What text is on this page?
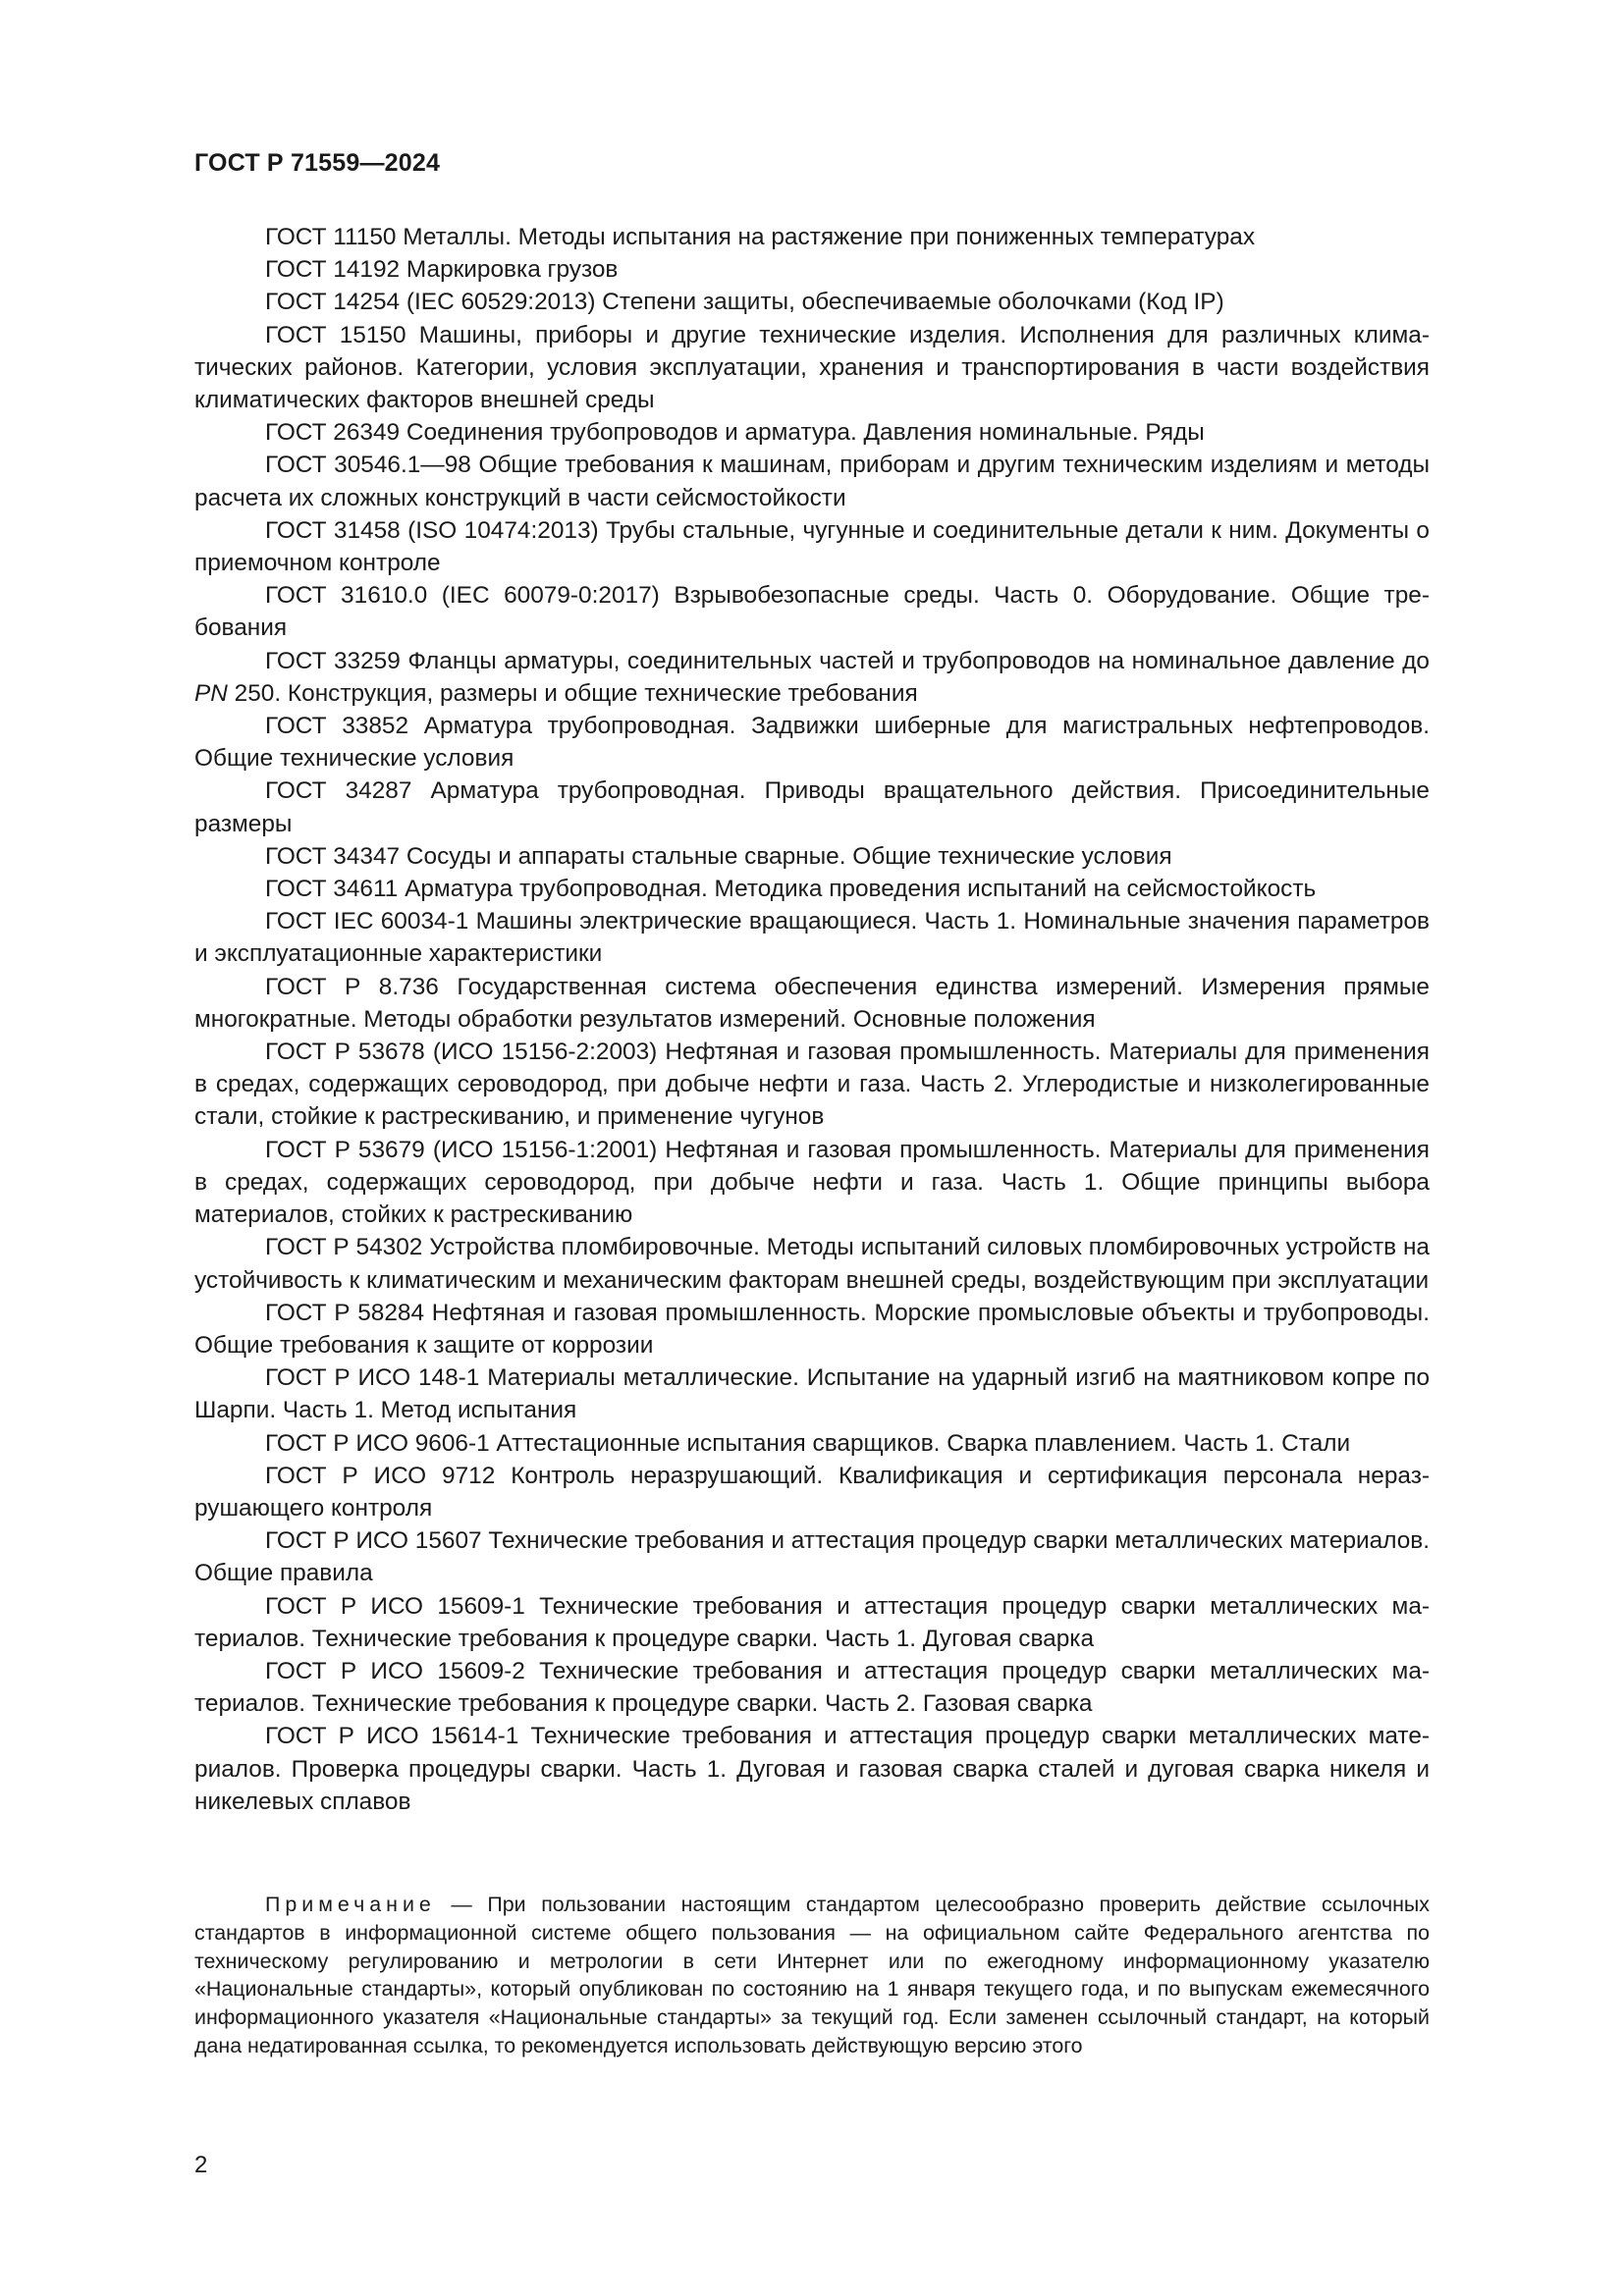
ГОСТ Р 71559—2024

ГОСТ 11150 Металлы. Методы испытания на растяжение при пониженных температурах

ГОСТ 14192 Маркировка грузов

ГОСТ 14254 (IEC 60529:2013) Степени защиты, обеспечиваемые оболочками (Код IP)

ГОСТ 15150 Машины, приборы и другие технические изделия. Исполнения для различных климатических районов. Категории, условия эксплуатации, хранения и транспортирования в части воздействия климатических факторов внешней среды

ГОСТ 26349 Соединения трубопроводов и арматура. Давления номинальные. Ряды

ГОСТ 30546.1—98 Общие требования к машинам, приборам и другим техническим изделиям и методы расчета их сложных конструкций в части сейсмостойкости

ГОСТ 31458 (ISO 10474:2013) Трубы стальные, чугунные и соединительные детали к ним. Документы о приемочном контроле

ГОСТ 31610.0 (IEC 60079-0:2017) Взрывобезопасные среды. Часть 0. Оборудование. Общие требования

ГОСТ 33259 Фланцы арматуры, соединительных частей и трубопроводов на номинальное давление до PN 250. Конструкция, размеры и общие технические требования

ГОСТ 33852 Арматура трубопроводная. Задвижки шиберные для магистральных нефтепроводов. Общие технические условия

ГОСТ 34287 Арматура трубопроводная. Приводы вращательного действия. Присоединительные размеры

ГОСТ 34347 Сосуды и аппараты стальные сварные. Общие технические условия

ГОСТ 34611 Арматура трубопроводная. Методика проведения испытаний на сейсмостойкость

ГОСТ IEC 60034-1 Машины электрические вращающиеся. Часть 1. Номинальные значения параметров и эксплуатационные характеристики

ГОСТ Р 8.736 Государственная система обеспечения единства измерений. Измерения прямые многократные. Методы обработки результатов измерений. Основные положения

ГОСТ Р 53678 (ИСО 15156-2:2003) Нефтяная и газовая промышленность. Материалы для применения в средах, содержащих сероводород, при добыче нефти и газа. Часть 2. Углеродистые и низколегированные стали, стойкие к растрескиванию, и применение чугунов

ГОСТ Р 53679 (ИСО 15156-1:2001) Нефтяная и газовая промышленность. Материалы для применения в средах, содержащих сероводород, при добыче нефти и газа. Часть 1. Общие принципы выбора материалов, стойких к растрескиванию

ГОСТ Р 54302 Устройства пломбировочные. Методы испытаний силовых пломбировочных устройств на устойчивость к климатическим и механическим факторам внешней среды, воздействующим при эксплуатации

ГОСТ Р 58284 Нефтяная и газовая промышленность. Морские промысловые объекты и трубопроводы. Общие требования к защите от коррозии

ГОСТ Р ИСО 148-1 Материалы металлические. Испытание на ударный изгиб на маятниковом копре по Шарпи. Часть 1. Метод испытания

ГОСТ Р ИСО 9606-1 Аттестационные испытания сварщиков. Сварка плавлением. Часть 1. Стали

ГОСТ Р ИСО 9712 Контроль неразрушающий. Квалификация и сертификация персонала неразрушающего контроля

ГОСТ Р ИСО 15607 Технические требования и аттестация процедур сварки металлических материалов. Общие правила

ГОСТ Р ИСО 15609-1 Технические требования и аттестация процедур сварки металлических материалов. Технические требования к процедуре сварки. Часть 1. Дуговая сварка

ГОСТ Р ИСО 15609-2 Технические требования и аттестация процедур сварки металлических материалов. Технические требования к процедуре сварки. Часть 2. Газовая сварка

ГОСТ Р ИСО 15614-1 Технические требования и аттестация процедур сварки металлических материалов. Проверка процедуры сварки. Часть 1. Дуговая и газовая сварка сталей и дуговая сварка никеля и никелевых сплавов

Примечание — При пользовании настоящим стандартом целесообразно проверить действие ссылочных стандартов в информационной системе общего пользования — на официальном сайте Федерального агентства по техническому регулированию и метрологии в сети Интернет или по ежегодному информационному указателю «Национальные стандарты», который опубликован по состоянию на 1 января текущего года, и по выпускам ежемесячного информационного указателя «Национальные стандарты» за текущий год. Если заменен ссылочный стандарт, на который дана недатированная ссылка, то рекомендуется использовать действующую версию этого

2
